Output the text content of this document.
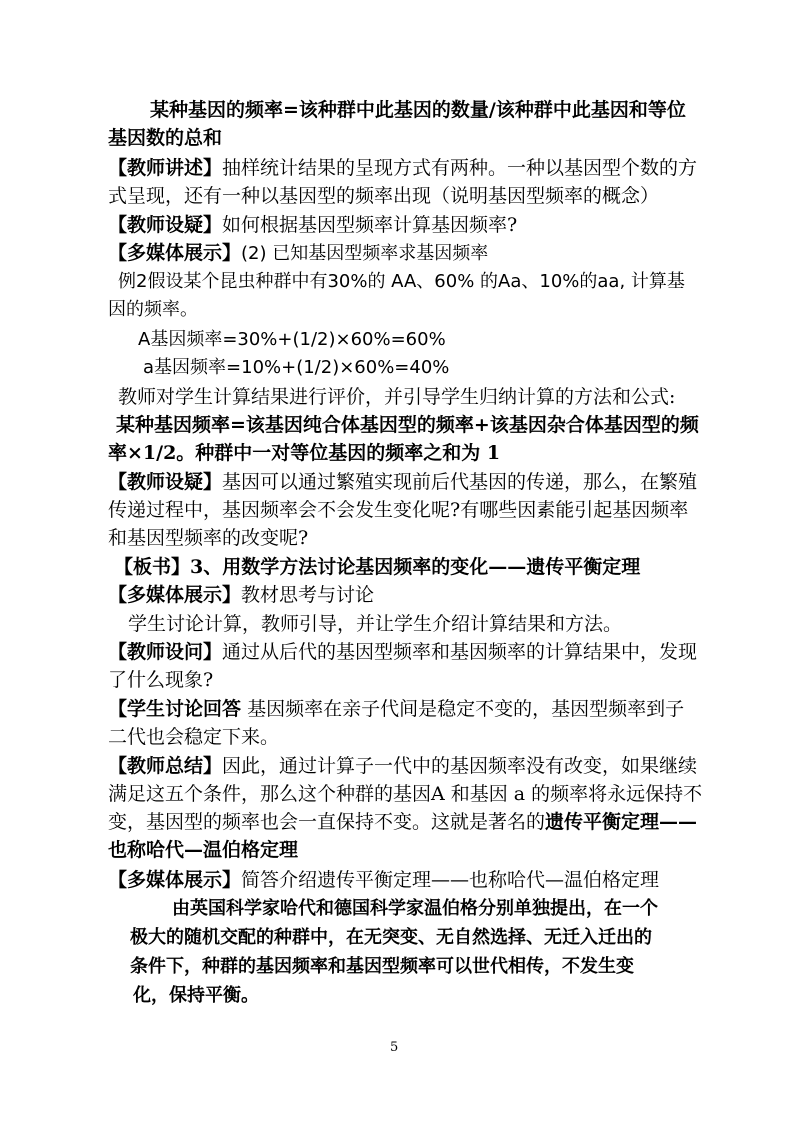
某种基因的频率=该种群中此基因的数量/该种群中此基因和等位
基因数的总和
【教师讲述】抽样统计结果的呈现方式有两种。一种以基因型个数的方
式呈现，还有一种以基因型的频率出现（说明基因型频率的概念）
【教师设疑】如何根据基因型频率计算基因频率?
【多媒体展示】(2) 已知基因型频率求基因频率
例2假设某个昆虫种群中有30%的 AA、60% 的Aa、10%的aa, 计算基
因的频率。
A基因频率=30%+(1/2)×60%=60%
a基因频率=10%+(1/2)×60%=40%
教师对学生计算结果进行评价，并引导学生归纳计算的方法和公式:
某种基因频率=该基因纯合体基因型的频率+该基因杂合体基因型的频
率×1/2。种群中一对等位基因的频率之和为 1
【教师设疑】基因可以通过繁殖实现前后代基因的传递，那么，在繁殖
传递过程中，基因频率会不会发生变化呢?有哪些因素能引起基因频率
和基因型频率的改变呢?
【板书】3、用数学方法讨论基因频率的变化——遗传平衡定理
【多媒体展示】教材思考与讨论
学生讨论计算，教师引导，并让学生介绍计算结果和方法。
【教师设问】通过从后代的基因型频率和基因频率的计算结果中，发现
了什么现象?
【学生讨论回答 基因频率在亲子代间是稳定不变的，基因型频率到子
二代也会稳定下来。
【教师总结】因此，通过计算子一代中的基因频率没有改变，如果继续
满足这五个条件，那么这个种群的基因A 和基因 a 的频率将永远保持不
变，基因型的频率也会一直保持不变。这就是著名的遗传平衡定理——
也称哈代—温伯格定理
【多媒体展示】简答介绍遗传平衡定理——也称哈代—温伯格定理
由英国科学家哈代和德国科学家温伯格分别单独提出，在一个
极大的随机交配的种群中，在无突变、无自然选择、无迁入迁出的
条件下，种群的基因频率和基因型频率可以世代相传，不发生变
化，保持平衡。
5
